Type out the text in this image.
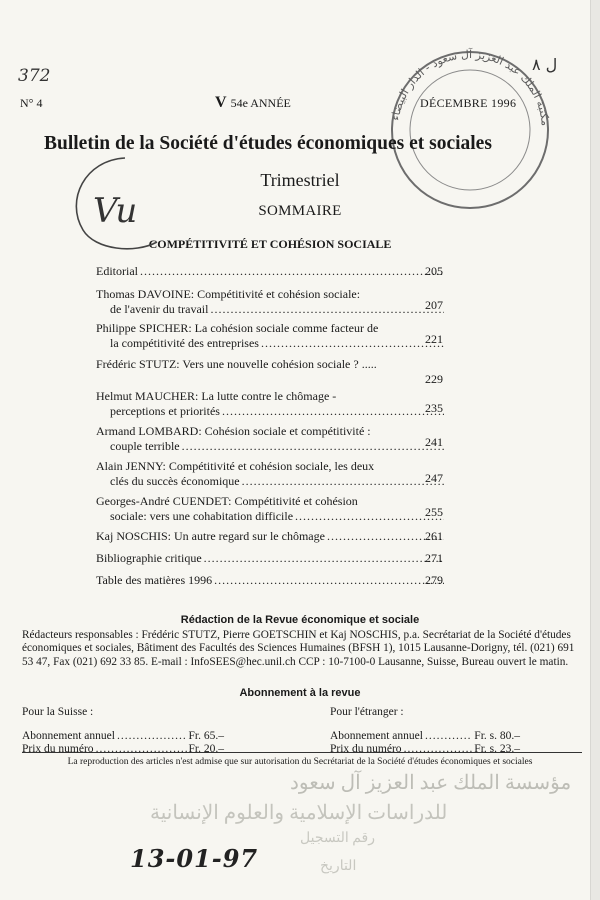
372
مكتبة الملك عبد العزيز آل سعود - الدار البيضاء
ل ٨
N° 4	V 54e ANNÉE	DÉCEMBRE 1996
Bulletin de la Société d'études économiques et sociales
Trimestriel
SOMMAIRE
COMPÉTITIVITÉ ET COHÉSION SOCIALE
Vu
Editorial .....	205
Thomas DAVOINE: Compétitivité et cohésion sociale:
de l'avenir du travail .....	207
Philippe SPICHER: La cohésion sociale comme facteur de
la compétitivité des entreprises .....	221
Frédéric STUTZ: Vers une nouvelle cohésion sociale ? .....
229
Helmut MAUCHER: La lutte contre le chômage -
perceptions et priorités .....	235
Armand LOMBARD: Cohésion sociale et compétitivité :
couple terrible .....	241
Alain JENNY: Compétitivité et cohésion sociale, les deux
clés du succès économique .....	247
Georges-André CUENDET: Compétitivité et cohésion
sociale: vers une cohabitation difficile .....	255
Kaj NOSCHIS: Un autre regard sur le chômage .....	261
Bibliographie critique .....	271
Table des matières 1996 .....	279
Rédaction de la Revue économique et sociale
Rédacteurs responsables : Frédéric STUTZ, Pierre GOETSCHIN et Kaj NOSCHIS, p.a. Secrétariat de la Société d'études économiques et sociales, Bâtiment des Facultés des Sciences Humaines (BFSH 1), 1015 Lausanne-Dorigny, tél. (021) 691 53 47, Fax (021) 692 33 85. E-mail : InfoSEES@hec.unil.ch CCP : 10-7100-0 Lausanne, Suisse, Bureau ouvert le matin.
Abonnement à la revue
Pour la Suisse :
Abonnement annuel .....	Fr. 65.–
Prix du numéro .....	Fr. 20.–
Pour l'étranger :
Abonnement annuel .....	Fr. s. 80.–
Prix du numéro .....	Fr. s. 23.–
La reproduction des articles n'est admise que sur autorisation du Secrétariat de la Société d'études économiques et sociales
مؤسسة الملك عبد العزيز آل سعود
للدراسات الإسلامية والعلوم الإنسانية
رقم التسجيل
التاريخ
13-01-97
